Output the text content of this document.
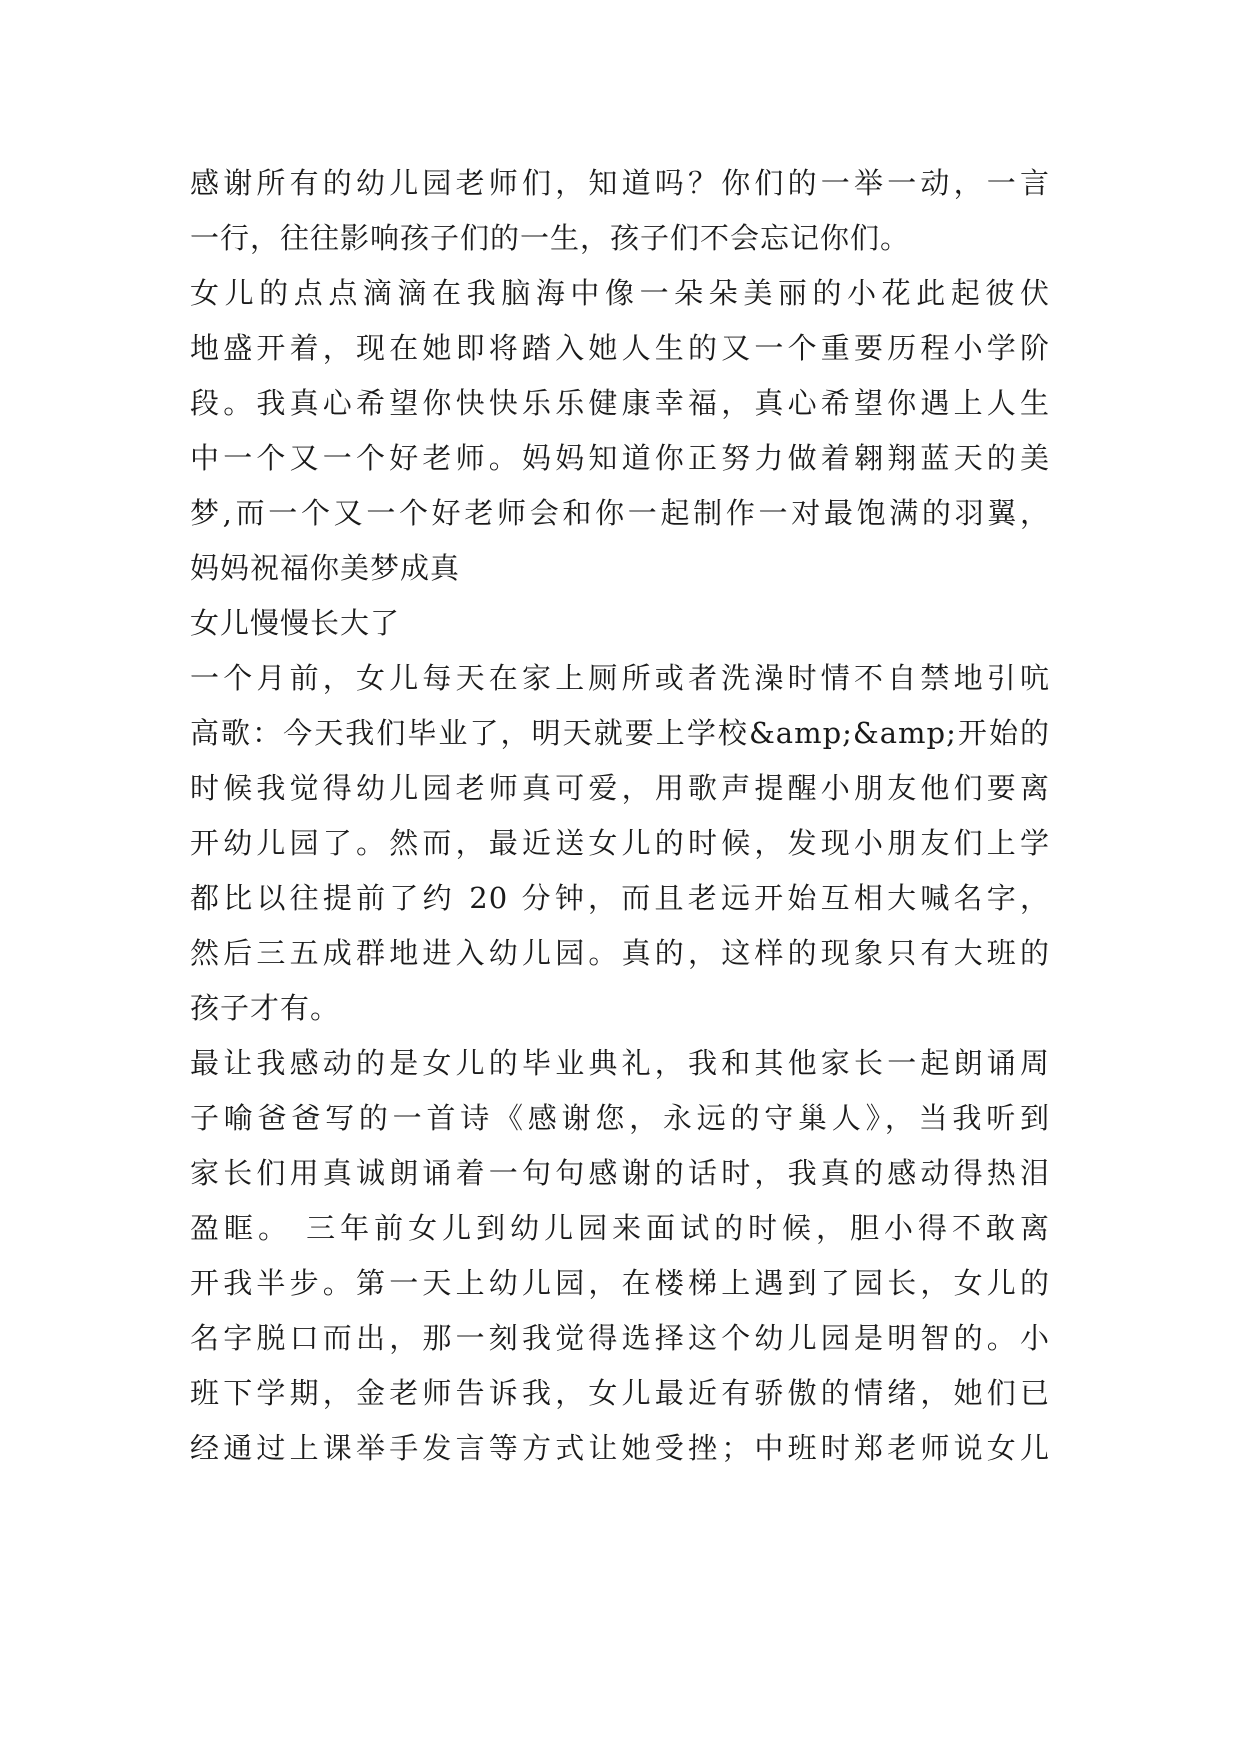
感谢所有的幼儿园老师们，知道吗？你们的一举一动，一言
一行，往往影响孩子们的一生，孩子们不会忘记你们。
女儿的点点滴滴在我脑海中像一朵朵美丽的小花此起彼伏
地盛开着，现在她即将踏入她人生的又一个重要历程小学阶
段。我真心希望你快快乐乐健康幸福，真心希望你遇上人生
中一个又一个好老师。妈妈知道你正努力做着翱翔蓝天的美
梦,而一个又一个好老师会和你一起制作一对最饱满的羽翼，
妈妈祝福你美梦成真
女儿慢慢长大了
一个月前，女儿每天在家上厕所或者洗澡时情不自禁地引吭
高歌：今天我们毕业了，明天就要上学校&amp;&amp;开始的
时候我觉得幼儿园老师真可爱，用歌声提醒小朋友他们要离
开幼儿园了。然而，最近送女儿的时候，发现小朋友们上学
都比以往提前了约 20 分钟，而且老远开始互相大喊名字，
然后三五成群地进入幼儿园。真的，这样的现象只有大班的
孩子才有。
最让我感动的是女儿的毕业典礼，我和其他家长一起朗诵周
子喻爸爸写的一首诗《感谢您，永远的守巢人》，当我听到
家长们用真诚朗诵着一句句感谢的话时，我真的感动得热泪
盈眶。 三年前女儿到幼儿园来面试的时候，胆小得不敢离
开我半步。第一天上幼儿园，在楼梯上遇到了园长，女儿的
名字脱口而出，那一刻我觉得选择这个幼儿园是明智的。小
班下学期，金老师告诉我，女儿最近有骄傲的情绪，她们已
经通过上课举手发言等方式让她受挫；中班时郑老师说女儿
